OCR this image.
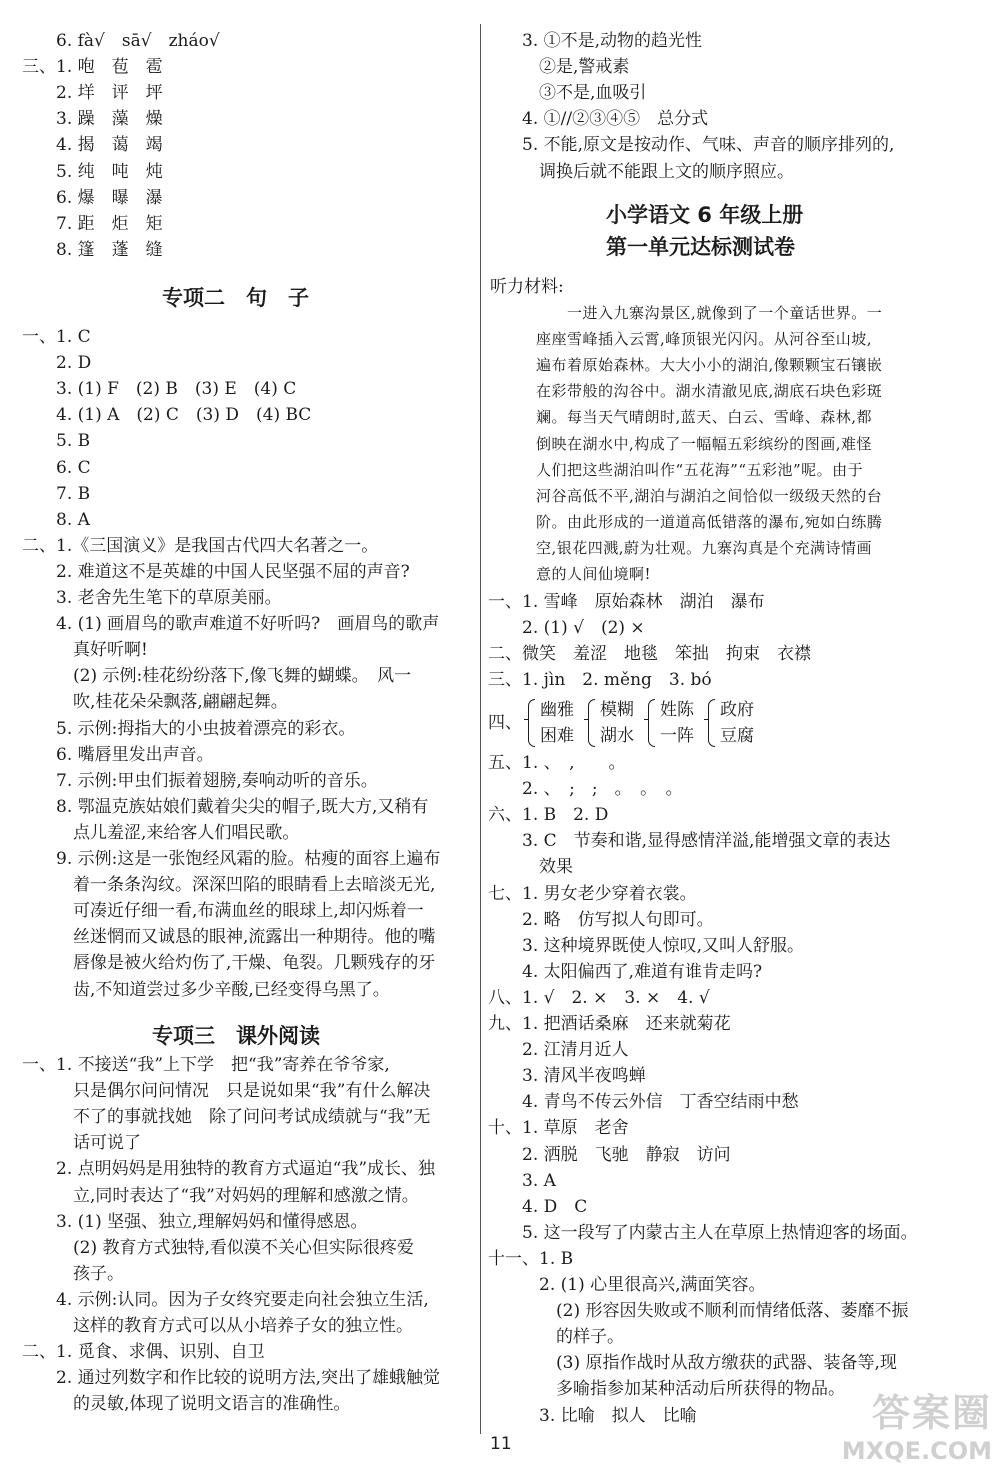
　　6. fà√　sā√　zháo√
三、1. 咆　苞　雹
　　2. 垟　评　坪
　　3. 躁　藻　燥
　　4. 揭　蔼　竭
　　5. 纯　吨　炖
　　6. 爆　曝　瀑
　　7. 距　炬　矩
　　8. 篷　蓬　缝
一、1. C
　　2. D
　　3. (1) F　(2) B　(3) E　(4) C
　　4. (1) A　(2) C　(3) D　(4) BC
　　5. B
　　6. C
　　7. B
　　8. A
二、1.《三国演义》是我国古代四大名著之一。
　　2. 难道这不是英雄的中国人民坚强不屈的声音?
　　3. 老舍先生笔下的草原美丽。
　　4. (1) 画眉鸟的歌声难道不好听吗?　画眉鸟的歌声
　　　真好听啊!
　　　(2) 示例:桂花纷纷落下,像飞舞的蝴蝶。　风一
　　　吹,桂花朵朵飘落,翩翩起舞。
　　5. 示例:拇指大的小虫披着漂亮的彩衣。
　　6. 嘴唇里发出声音。
　　7. 示例:甲虫们振着翅膀,奏响动听的音乐。
　　8. 鄂温克族姑娘们戴着尖尖的帽子,既大方,又稍有
　　　点儿羞涩,来给客人们唱民歌。
　　9. 示例:这是一张饱经风霜的脸。枯瘦的面容上遍布
　　　着一条条沟纹。深深凹陷的眼睛看上去暗淡无光,
　　　可凑近仔细一看,布满血丝的眼球上,却闪烁着一
　　　丝迷惘而又诚恳的眼神,流露出一种期待。他的嘴
　　　唇像是被火给灼伤了,干燥、龟裂。几颗残存的牙
　　　齿,不知道尝过多少辛酸,已经变得乌黑了。
一、1. 不接送“我”上下学　把“我”寄养在爷爷家,
　　　只是偶尔问问情况　只是说如果“我”有什么解决
　　　不了的事就找她　除了问问考试成绩就与“我”无
　　　话可说了
　　2. 点明妈妈是用独特的教育方式逼迫“我”成长、独
　　　立,同时表达了“我”对妈妈的理解和感激之情。
　　3. (1) 坚强、独立,理解妈妈和懂得感恩。
　　　(2) 教育方式独特,看似漠不关心但实际很疼爱
　　　孩子。
　　4. 示例:认同。因为子女终究要走向社会独立生活,
　　　这样的教育方式可以从小培养子女的独立性。
二、1. 觅食、求偶、识别、自卫
　　2. 通过列数字和作比较的说明方法,突出了雄蛾触觉
　　　的灵敏,体现了说明文语言的准确性。
专项二　句　子
专项三　课外阅读
　　3. ①不是,动物的趋光性
　　　②是,警戒素
　　　③不是,血吸引
　　4. ①//②③④⑤　总分式
　　5. 不能,原文是按动作、气味、声音的顺序排列的,
　　　调换后就不能跟上文的顺序照应。
小学语文 6 年级上册
第一单元达标测试卷
听力材料:
　　一进入九寨沟景区,就像到了一个童话世界。一
座座雪峰插入云霄,峰顶银光闪闪。从河谷至山坡,
遍布着原始森林。大大小小的湖泊,像颗颗宝石镶嵌
在彩带般的沟谷中。湖水清澈见底,湖底石块色彩斑
斓。每当天气晴朗时,蓝天、白云、雪峰、森林,都
倒映在湖水中,构成了一幅幅五彩缤纷的图画,难怪
人们把这些湖泊叫作“五花海”“五彩池”呢。由于
河谷高低不平,湖泊与湖泊之间恰似一级级天然的台
阶。由此形成的一道道高低错落的瀑布,宛如白练腾
空,银花四溅,蔚为壮观。九寨沟真是个充满诗情画
意的人间仙境啊!
一、1. 雪峰　原始森林　湖泊　瀑布
　　2. (1) √　(2) ×
二、微笑　羞涩　地毯　笨拙　拘束　衣襟
三、1. jìn　2. měng　3. bó
四、
幽雅
困难
模糊
湖水
姓陈
一阵
政府
豆腐
五、1. 、　,　　。
　　2. 、　;　;　。　。　。
六、1. B　2. D
　　3. C　节奏和谐,显得感情洋溢,能增强文章的表达
　　　效果
七、1. 男女老少穿着衣裳。
　　2. 略　仿写拟人句即可。
　　3. 这种境界既使人惊叹,又叫人舒服。
　　4. 太阳偏西了,难道有谁肯走吗?
八、1. √　2. ×　3. ×　4. √
九、1. 把酒话桑麻　还来就菊花
　　2. 江清月近人
　　3. 清风半夜鸣蝉
　　4. 青鸟不传云外信　丁香空结雨中愁
十、1. 草原　老舍
　　2. 洒脱　飞驰　静寂　访问
　　3. A
　　4. D　C
　　5. 这一段写了内蒙古主人在草原上热情迎客的场面。
十一、1. B
　　　2. (1) 心里很高兴,满面笑容。
　　　　(2) 形容因失败或不顺利而情绪低落、萎靡不振
　　　　的样子。
　　　　(3) 原指作战时从敌方缴获的武器、装备等,现
　　　　多喻指参加某种活动后所获得的物品。
　　　3. 比喻　拟人　比喻
11
答案圈
MXQE.COM
